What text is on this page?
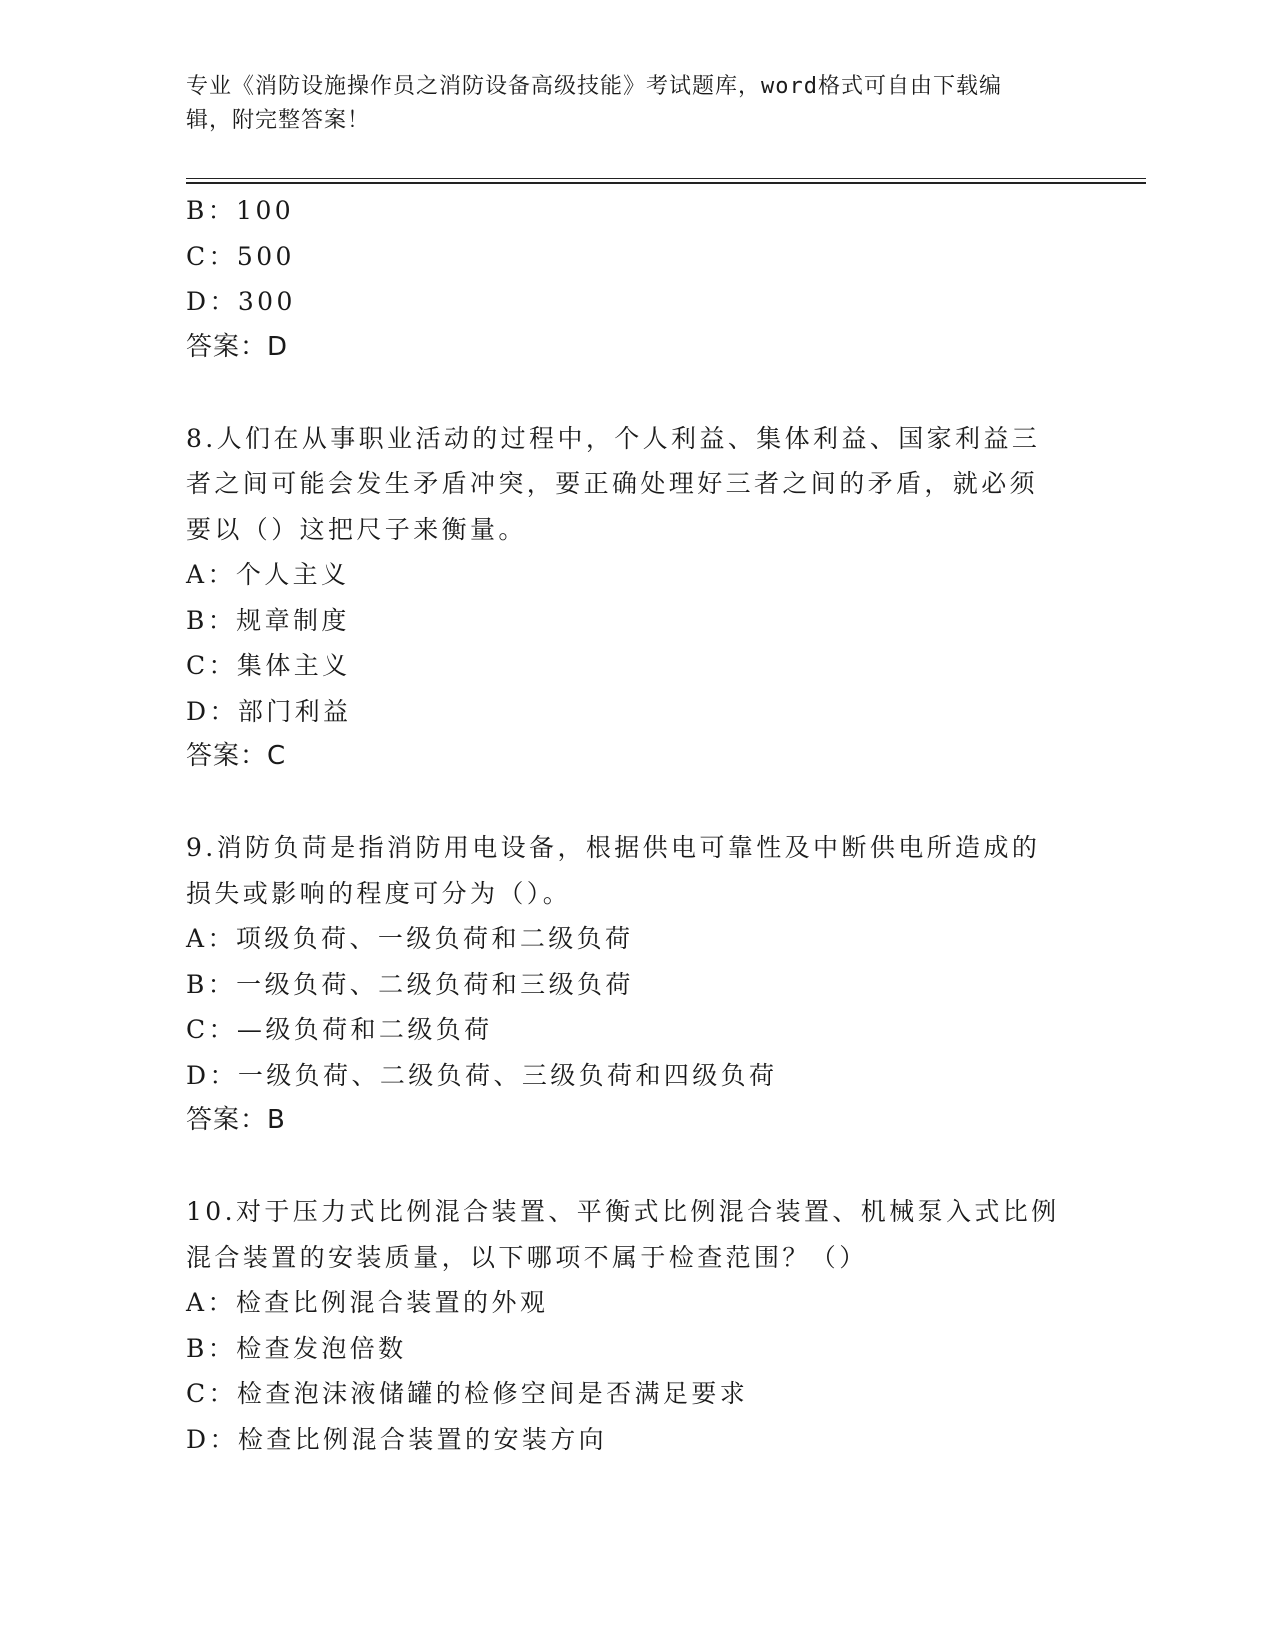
专业《消防设施操作员之消防设备高级技能》考试题库，word格式可自由下载编
辑，附完整答案！
B：100
C：500
D：300
答案：D
8.人们在从事职业活动的过程中，个人利益、集体利益、国家利益三
者之间可能会发生矛盾冲突，要正确处理好三者之间的矛盾，就必须
要以（）这把尺子来衡量。
A：个人主义
B：规章制度
C：集体主义
D：部门利益
答案：C
9.消防负苘是指消防用电设备，根据供电可靠性及中断供电所造成的
损失或影响的程度可分为（）。
A：项级负荷、一级负荷和二级负荷
B：一级负荷、二级负荷和三级负荷
C：—级负荷和二级负荷
D：一级负荷、二级负荷、三级负荷和四级负荷
答案：B
10.对于压力式比例混合装置、平衡式比例混合装置、机械泵入式比例
混合装置的安装质量，以下哪项不属于检查范围？（）
A：检查比例混合装置的外观
B：检查发泡倍数
C：检查泡沫液储罐的检修空间是否满足要求
D：检查比例混合装置的安装方向
